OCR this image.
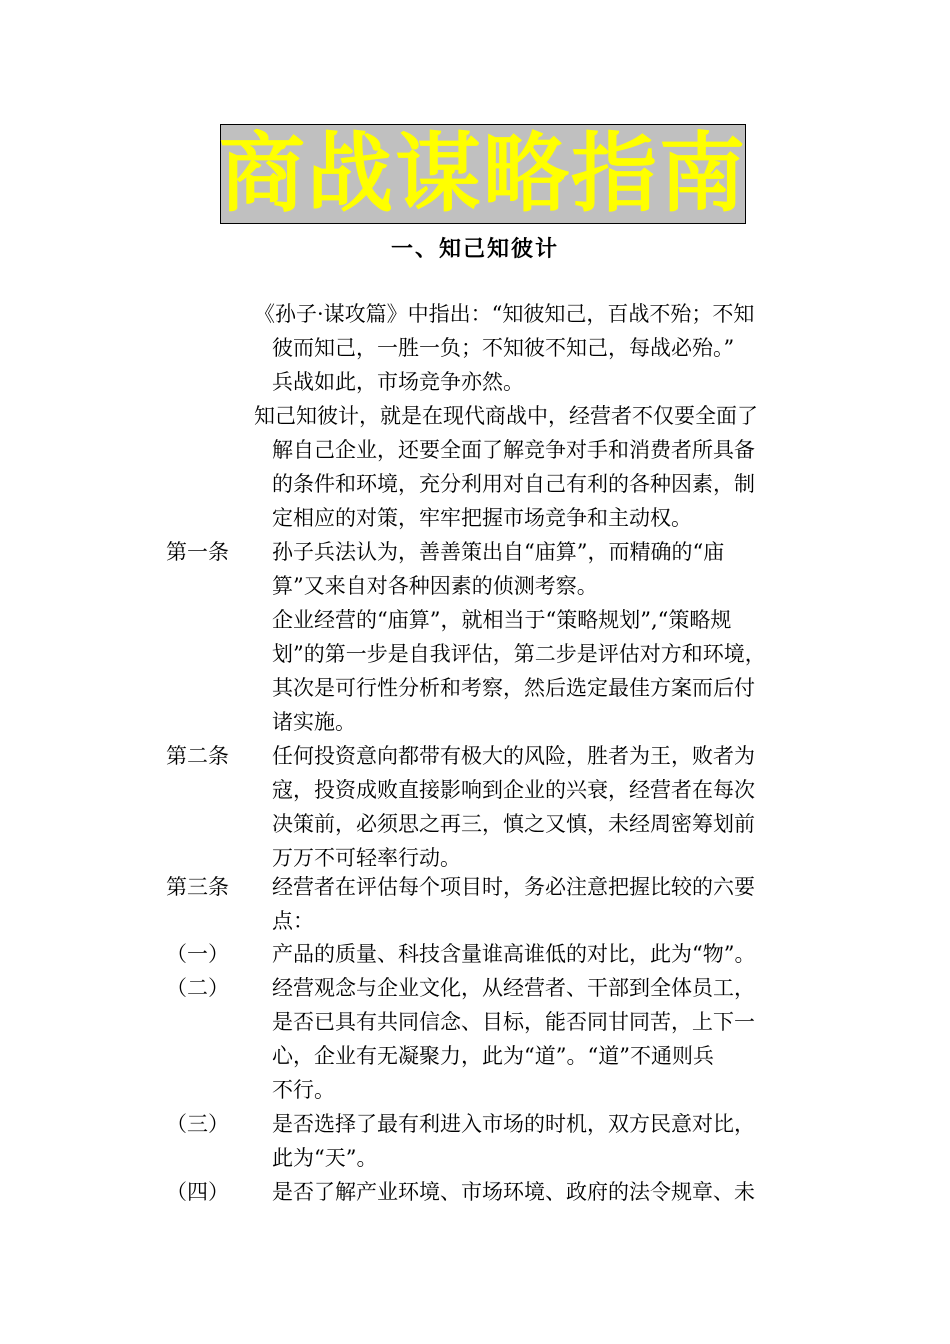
商战谋略指南
一、知己知彼计
《孙子·谋攻篇》中指出：“知彼知己，百战不殆；不知
彼而知己，一胜一负；不知彼不知己，每战必殆。”
兵战如此，市场竞争亦然。
知己知彼计，就是在现代商战中，经营者不仅要全面了
解自己企业，还要全面了解竞争对手和消费者所具备
的条件和环境，充分利用对自己有利的各种因素，制
定相应的对策，牢牢把握市场竞争和主动权。
第一条 孙子兵法认为，善善策出自“庙算”，而精确的“庙
算”又来自对各种因素的侦测考察。
企业经营的“庙算”，就相当于“策略规划”,“策略规
划”的第一步是自我评估，第二步是评估对方和环境，
其次是可行性分析和考察，然后选定最佳方案而后付
诸实施。
第二条 任何投资意向都带有极大的风险，胜者为王，败者为
寇，投资成败直接影响到企业的兴衰，经营者在每次
决策前，必须思之再三，慎之又慎，未经周密筹划前
万万不可轻率行动。
第三条 经营者在评估每个项目时，务必注意把握比较的六要
点：
（一） 产品的质量、科技含量谁高谁低的对比，此为“物”。
（二） 经营观念与企业文化，从经营者、干部到全体员工，
是否已具有共同信念、目标，能否同甘同苦，上下一
心，企业有无凝聚力，此为“道”。“道”不通则兵
不行。
（三） 是否选择了最有利进入市场的时机，双方民意对比，
此为“天”。
（四） 是否了解产业环境、市场环境、政府的法令规章、未
